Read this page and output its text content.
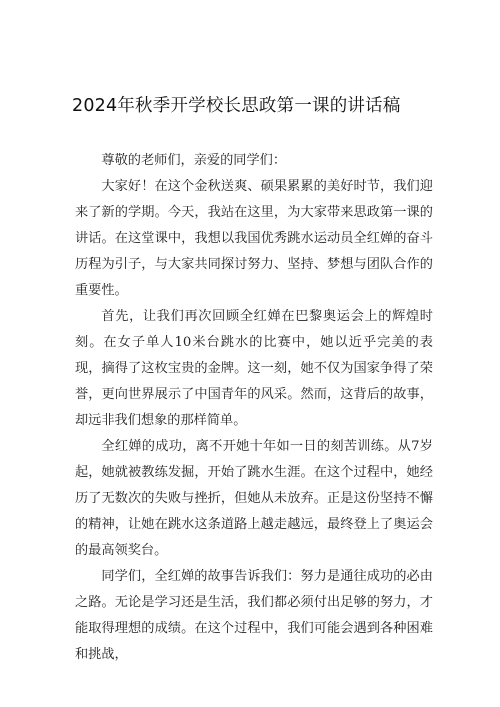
2024年秋季开学校长思政第一课的讲话稿

尊敬的老师们，亲爱的同学们：

大家好！在这个金秋送爽、硕果累累的美好时节，我们迎来了新的学期。今天，我站在这里，为大家带来思政第一课的讲话。在这堂课中，我想以我国优秀跳水运动员全红婵的奋斗历程为引子，与大家共同探讨努力、坚持、梦想与团队合作的重要性。

首先，让我们再次回顾全红婵在巴黎奥运会上的辉煌时刻。在女子单人10米台跳水的比赛中，她以近乎完美的表现，摘得了这枚宝贵的金牌。这一刻，她不仅为国家争得了荣誉，更向世界展示了中国青年的风采。然而，这背后的故事，却远非我们想象的那样简单。

全红婵的成功，离不开她十年如一日的刻苦训练。从7岁起，她就被教练发掘，开始了跳水生涯。在这个过程中，她经历了无数次的失败与挫折，但她从未放弃。正是这份坚持不懈的精神，让她在跳水这条道路上越走越远，最终登上了奥运会的最高领奖台。

同学们，全红婵的故事告诉我们：努力是通往成功的必由之路。无论是学习还是生活，我们都必须付出足够的努力，才能取得理想的成绩。在这个过程中，我们可能会遇到各种困难和挑战，
